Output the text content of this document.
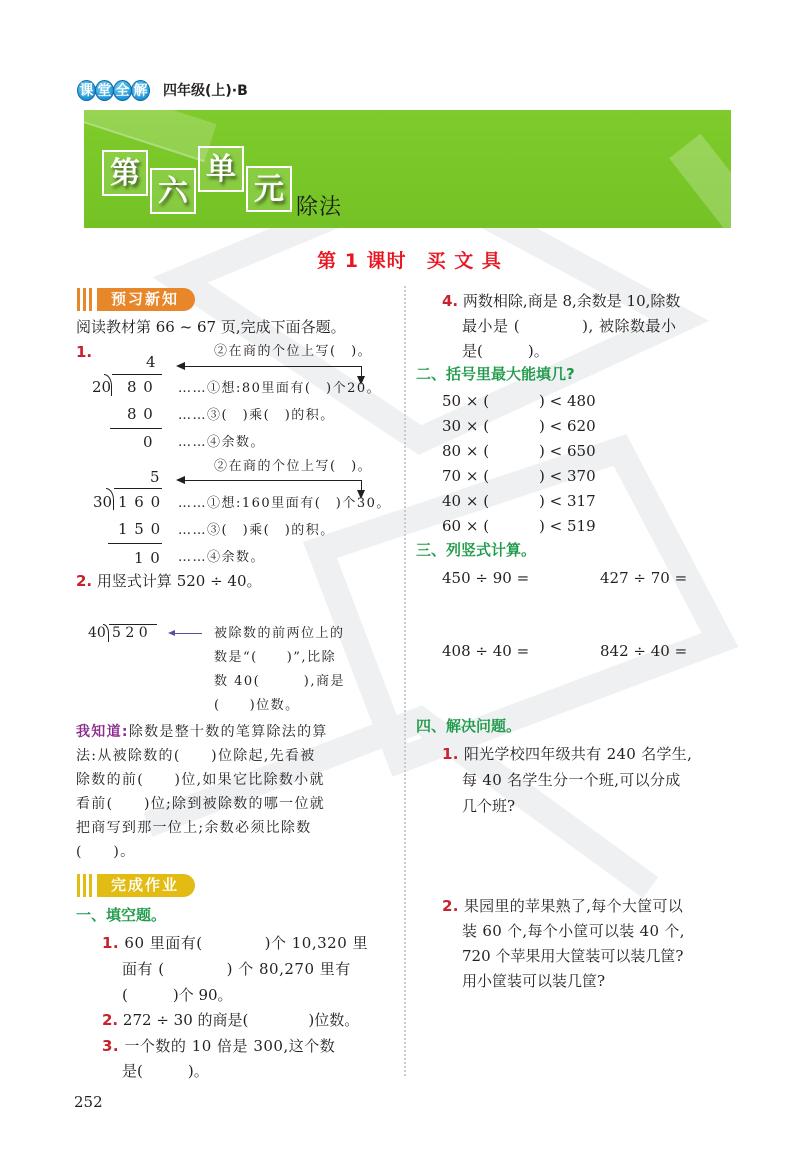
课 堂 全 解 四年级(上)·B
第
六
单
元
除法
第 1 课时　买 文 具
预习新知
阅读教材第 66 ~ 67 页,完成下面各题。
1.	②在商的个位上写(　)。
4
20 8 0 ……①想:80里面有(　)个20。
8 0 ……③(　)乘(　)的积。
0 ……④余数。
②在商的个位上写(　)。
5
30 1 6 0 ……①想:160里面有(　)个30。
1 5 0 ……③(　)乘(　)的积。
1 0 ……④余数。
2. 用竖式计算 520 ÷ 40。
40 5 2 0	被除数的前两位上的
数是“(　　)”,比除
数 40(　　　),商是
(　　)位数。
我知道:除数是整十数的笔算除法的算
法:从被除数的(　　)位除起,先看被
除数的前(　　)位,如果它比除数小就
看前(　　)位;除到被除数的哪一位就
把商写到那一位上;余数必须比除数
(　　)。
完成作业
一、填空题。
1. 60 里面有(　　　　)个 10,320 里
面有 (　　　　) 个 80,270 里有
(　　　)个 90。
2. 272 ÷ 30 的商是(　　　　)位数。
3. 一个数的 10 倍是 300,这个数
是(　　　)。
252
4. 两数相除,商是 8,余数是 10,除数
最小是 (　　　　), 被除数最小
是(　　　)。
二、括号里最大能填几?
50 × (	) < 480
30 × (	) < 620
80 × (	) < 650
70 × (	) < 370
40 × (	) < 317
60 × (	) < 519
三、列竖式计算。
450 ÷ 90 =	427 ÷ 70 =
408 ÷ 40 =	842 ÷ 40 =
四、解决问题。
1. 阳光学校四年级共有 240 名学生,
每 40 名学生分一个班,可以分成
几个班?
2. 果园里的苹果熟了,每个大筐可以
装 60 个,每个小筐可以装 40 个,
720 个苹果用大筐装可以装几筐?
用小筐装可以装几筐?
